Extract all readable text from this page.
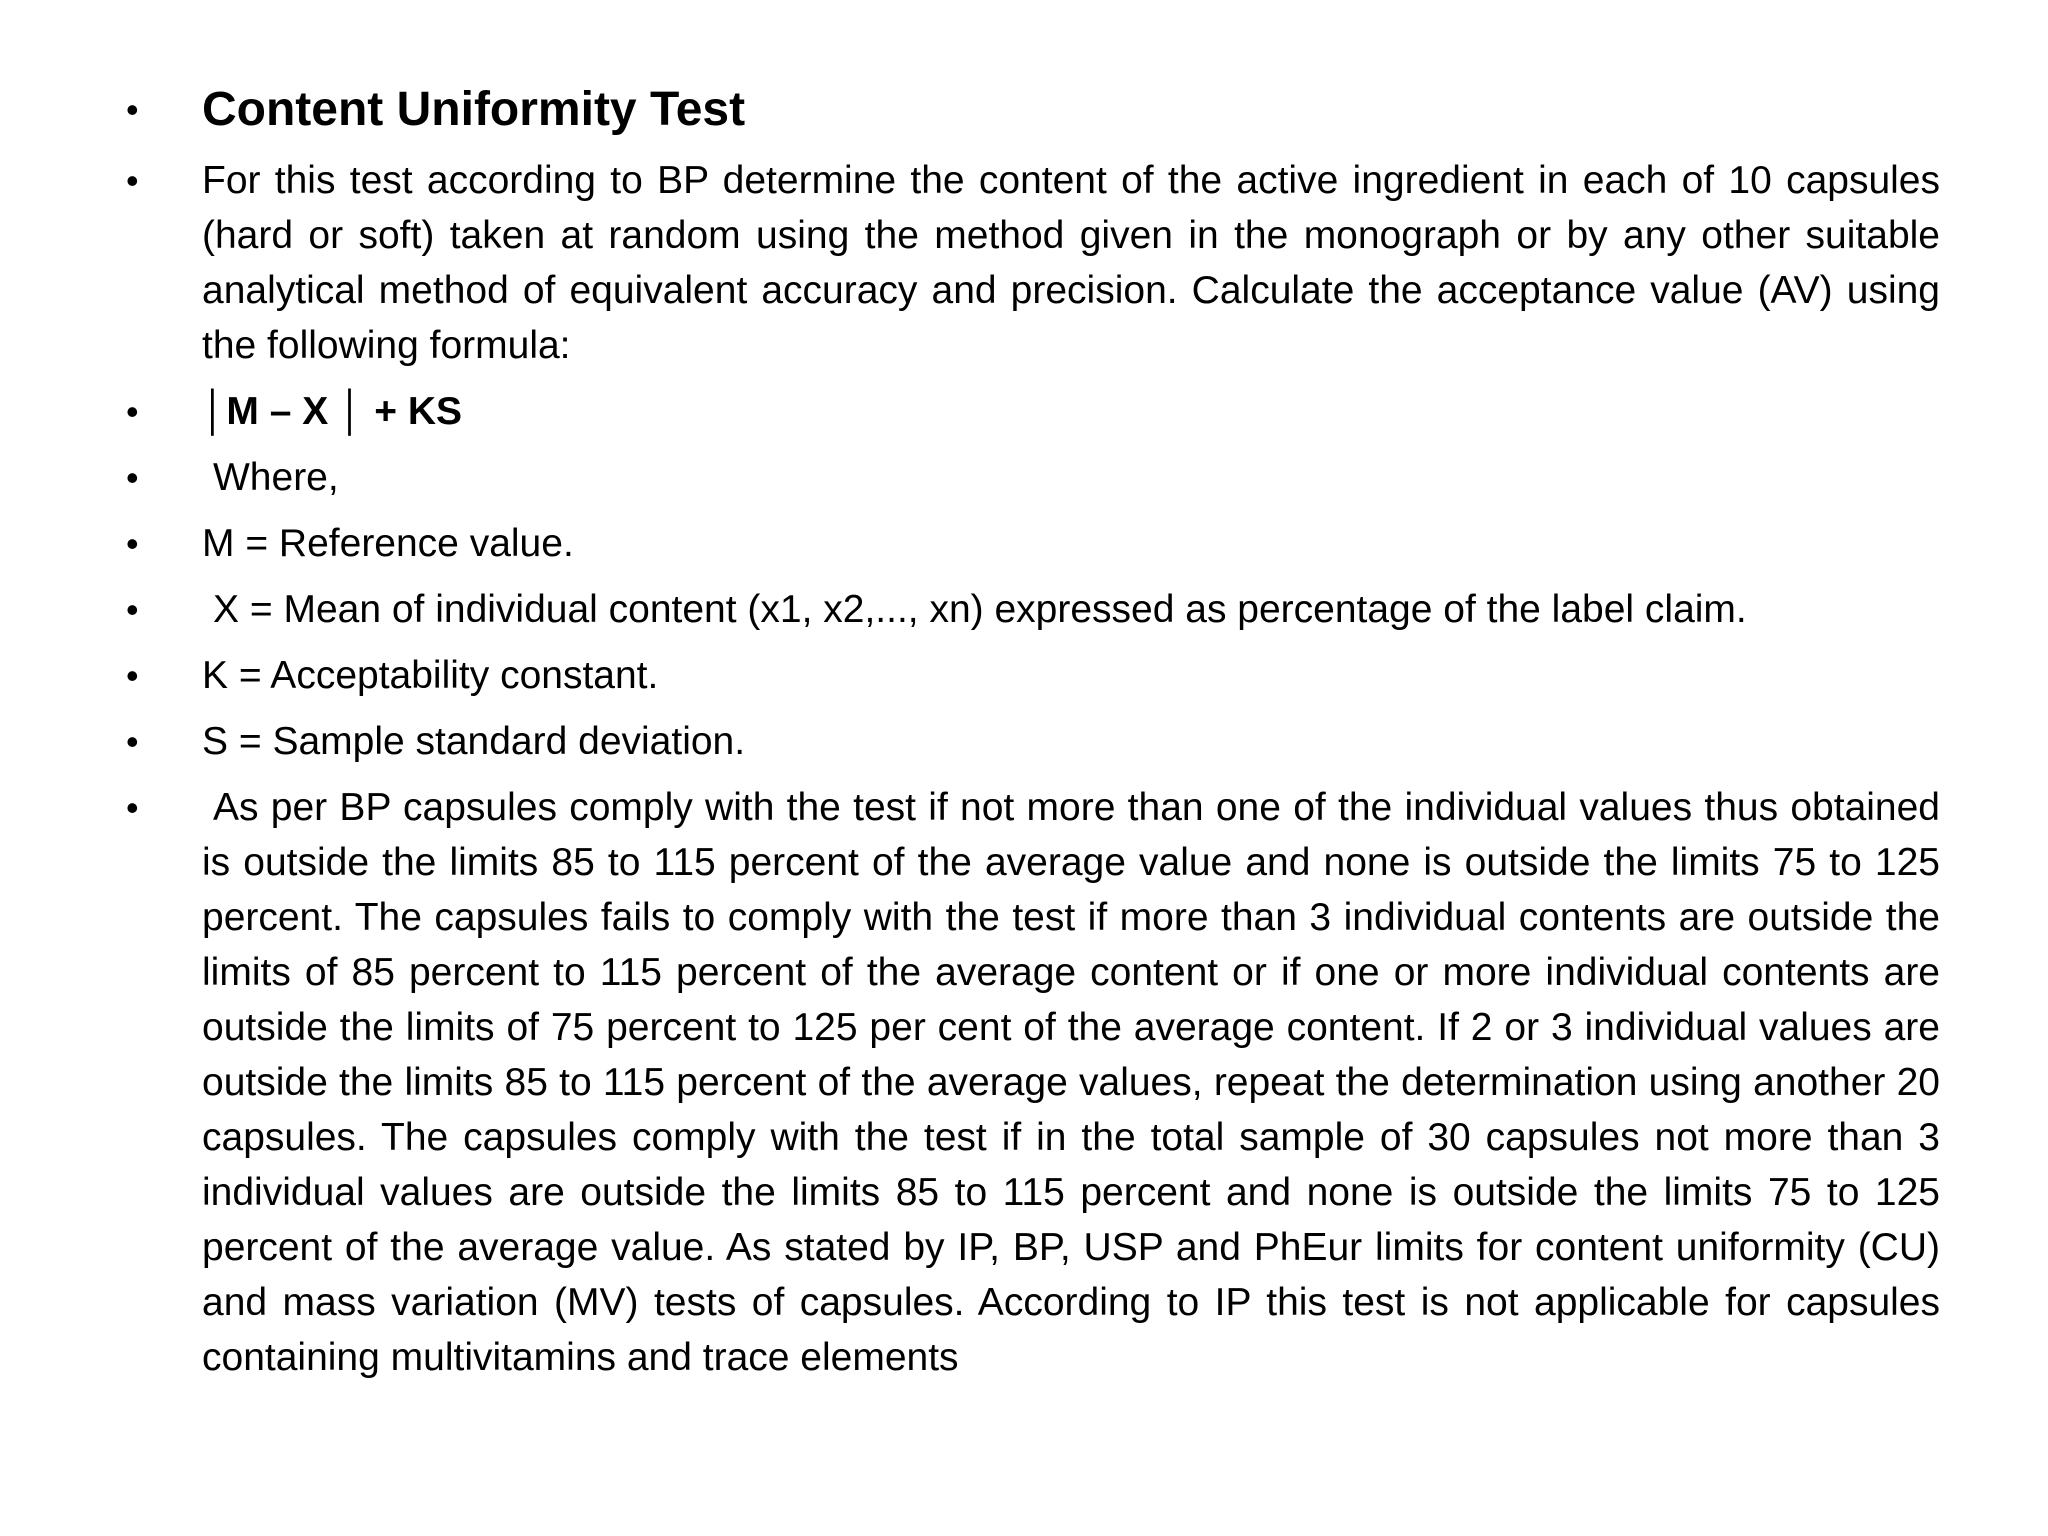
• Content Uniformity Test
• For this test according to BP determine the content of the active ingredient in each of 10 capsules (hard or soft) taken at random using the method given in the monograph or by any other suitable analytical method of equivalent accuracy and precision. Calculate the acceptance value (AV) using the following formula:
• │M – X │ + KS
• Where,
• M = Reference value.
• X = Mean of individual content (x1, x2,..., xn) expressed as percentage of the label claim.
• K = Acceptability constant.
• S = Sample standard deviation.
• As per BP capsules comply with the test if not more than one of the individual values thus obtained is outside the limits 85 to 115 percent of the average value and none is outside the limits 75 to 125 percent. The capsules fails to comply with the test if more than 3 individual contents are outside the limits of 85 percent to 115 percent of the average content or if one or more individual contents are outside the limits of 75 percent to 125 per cent of the average content. If 2 or 3 individual values are outside the limits 85 to 115 percent of the average values, repeat the determination using another 20 capsules. The capsules comply with the test if in the total sample of 30 capsules not more than 3 individual values are outside the limits 85 to 115 percent and none is outside the limits 75 to 125 percent of the average value. As stated by IP, BP, USP and PhEur limits for content uniformity (CU) and mass variation (MV) tests of capsules. According to IP this test is not applicable for capsules containing multivitamins and trace elements
